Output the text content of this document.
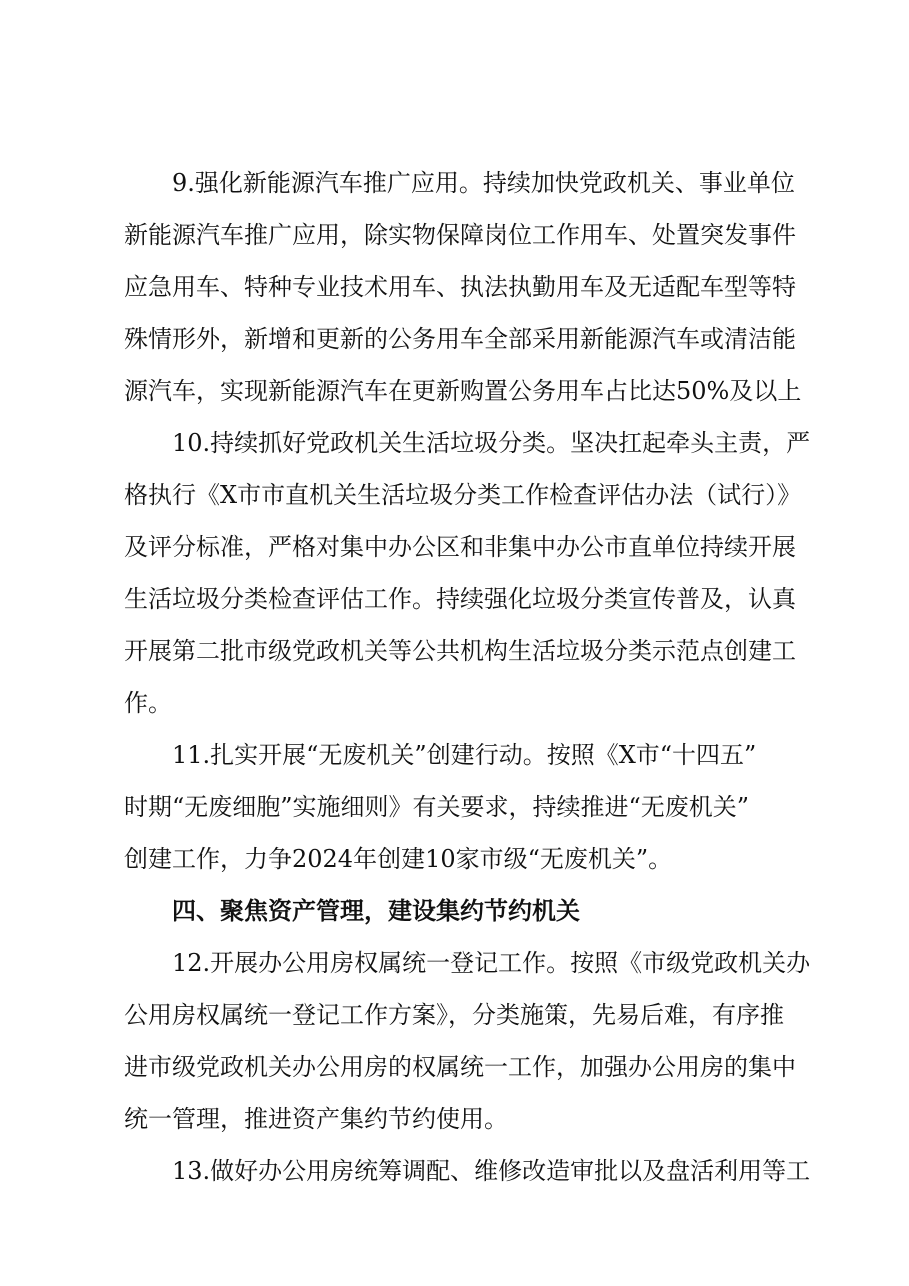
9.强化新能源汽车推广应用。持续加快党政机关、事业单位
新能源汽车推广应用，除实物保障岗位工作用车、处置突发事件
应急用车、特种专业技术用车、执法执勤用车及无适配车型等特
殊情形外，新增和更新的公务用车全部采用新能源汽车或清洁能
源汽车，实现新能源汽车在更新购置公务用车占比达50%及以上
10.持续抓好党政机关生活垃圾分类。坚决扛起牵头主责，严
格执行《X市市直机关生活垃圾分类工作检查评估办法（试行）》
及评分标准，严格对集中办公区和非集中办公市直单位持续开展
生活垃圾分类检查评估工作。持续强化垃圾分类宣传普及，认真
开展第二批市级党政机关等公共机构生活垃圾分类示范点创建工
作。
11.扎实开展“无废机关”创建行动。按照《X市“十四五”
时期“无废细胞”实施细则》有关要求，持续推进“无废机关”
创建工作，力争2024年创建10家市级“无废机关”。
四、聚焦资产管理，建设集约节约机关
12.开展办公用房权属统一登记工作。按照《市级党政机关办
公用房权属统一登记工作方案》，分类施策，先易后难，有序推
进市级党政机关办公用房的权属统一工作，加强办公用房的集中
统一管理，推进资产集约节约使用。
13.做好办公用房统筹调配、维修改造审批以及盘活利用等工
